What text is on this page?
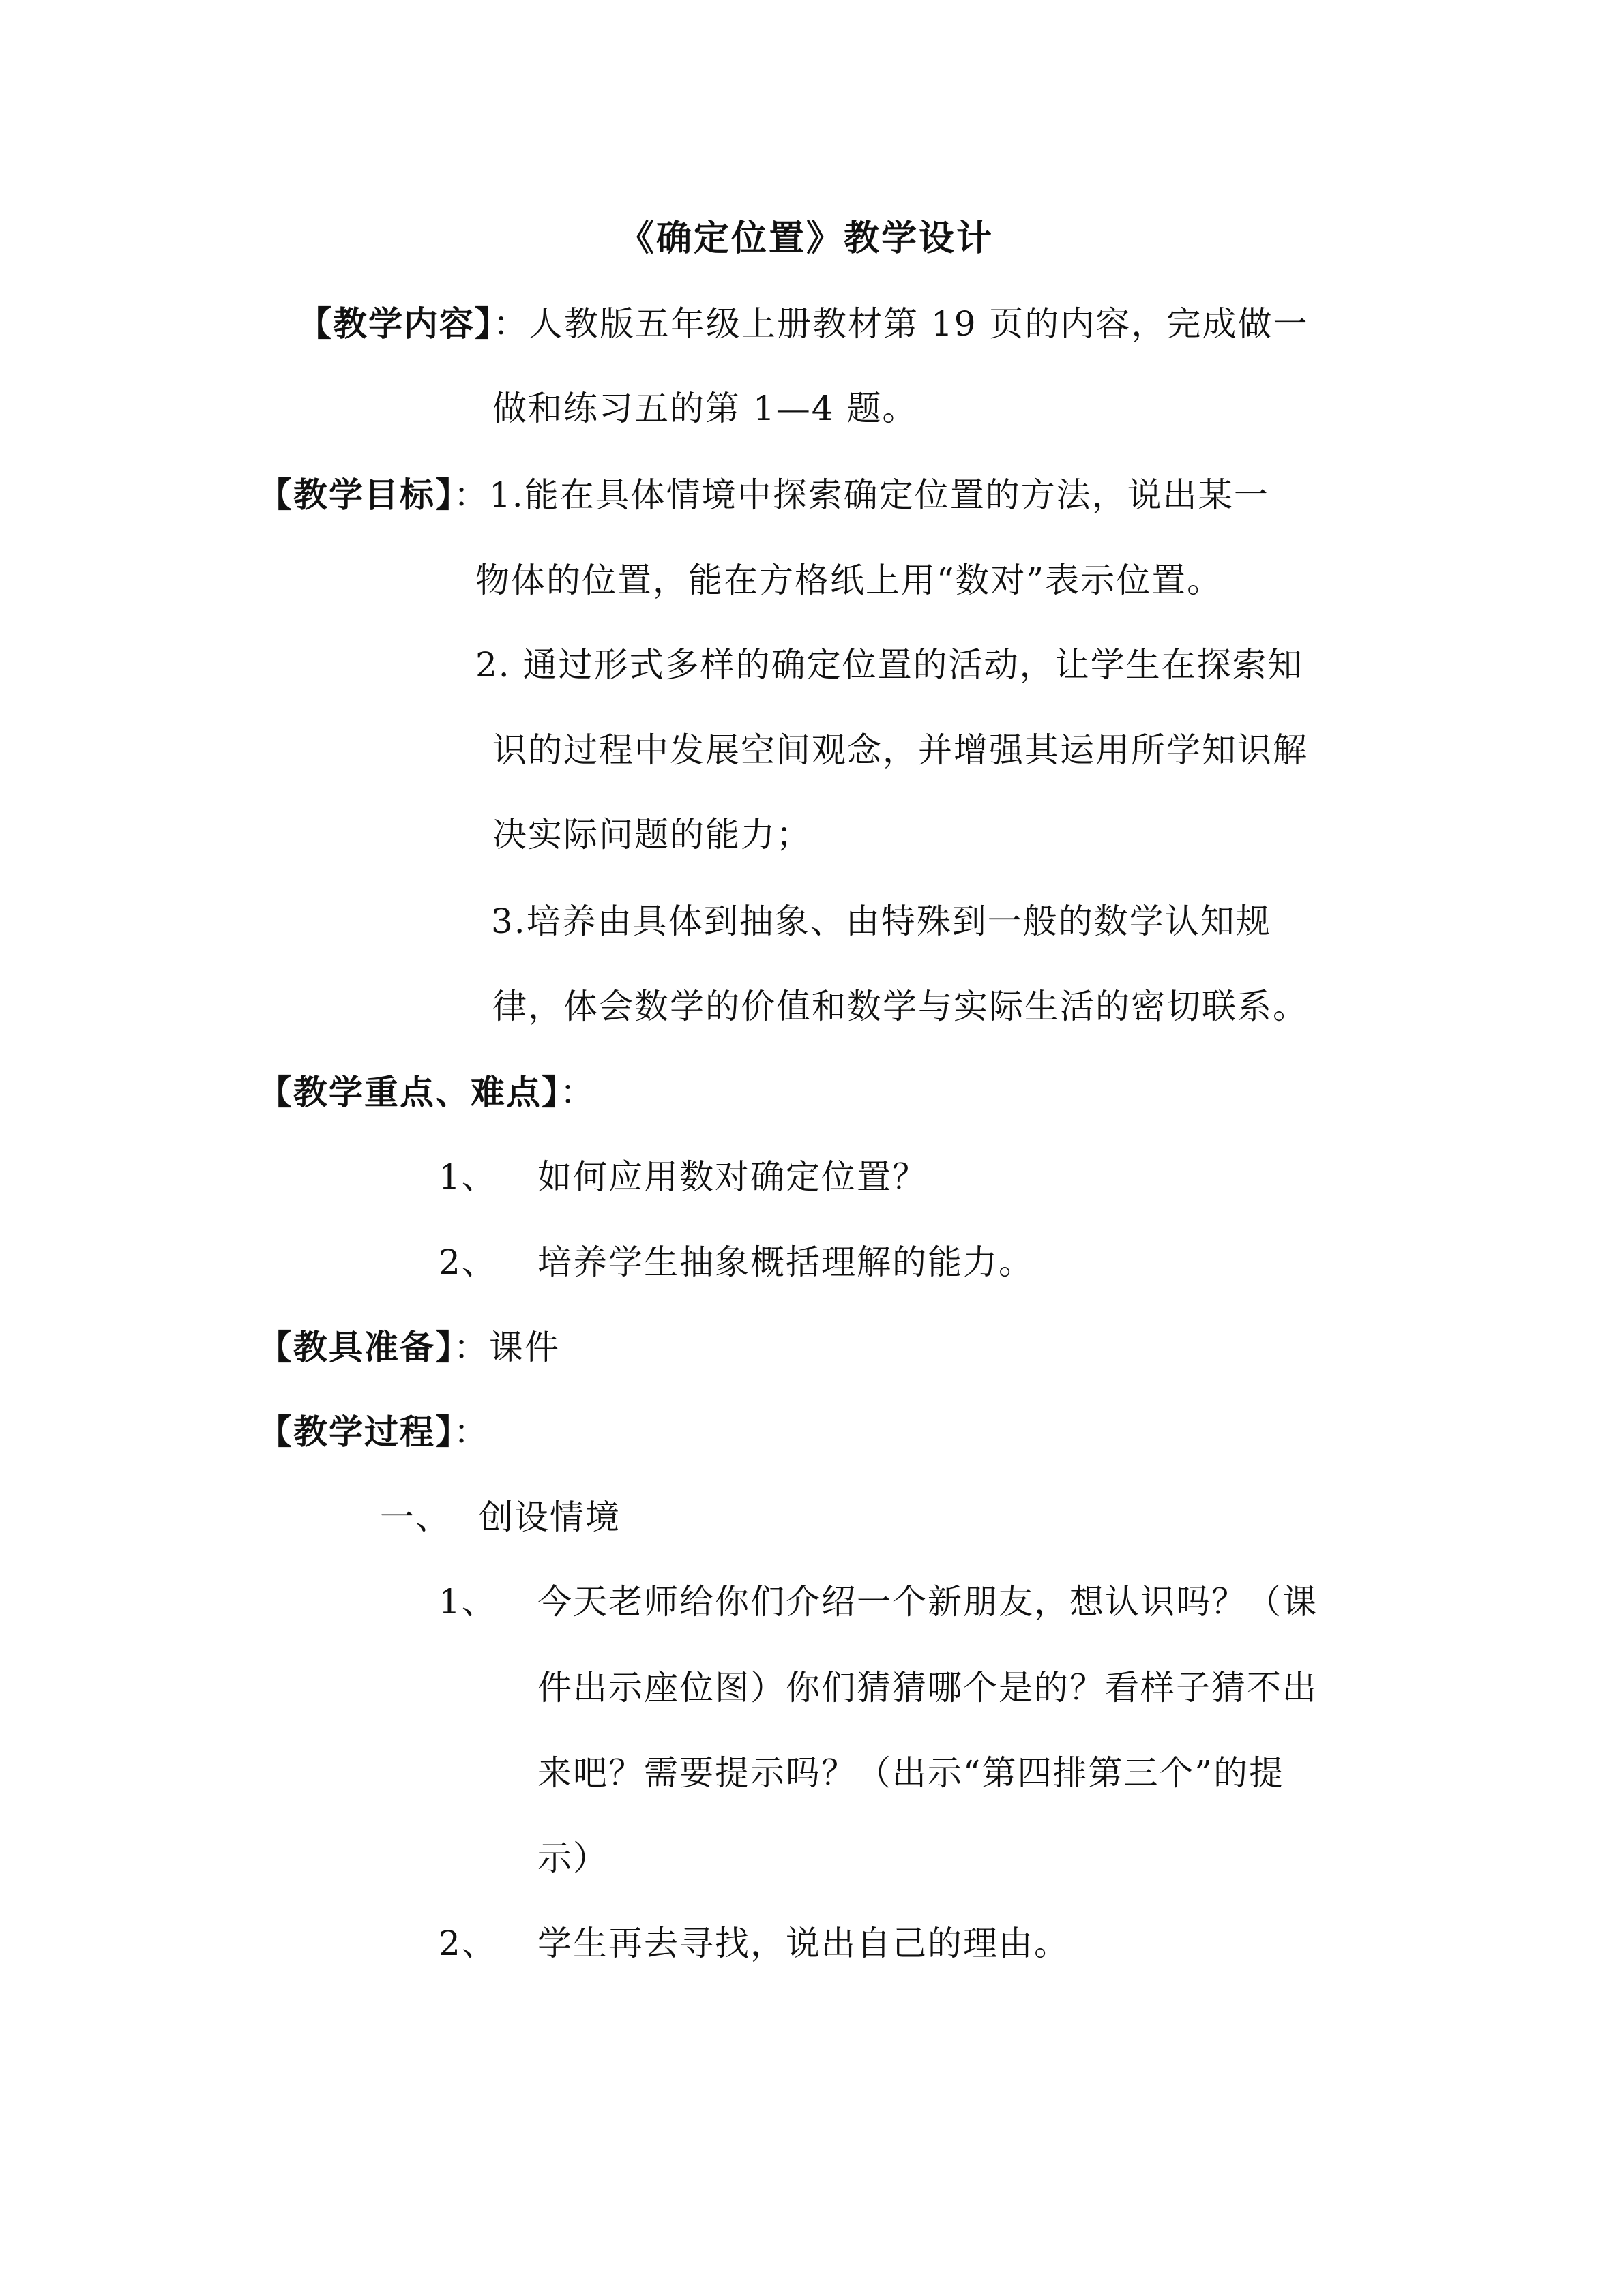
《确定位置》教学设计
【教学内容】：人教版五年级上册教材第 19 页的内容，完成做一
做和练习五的第 1—4 题。
【教学目标】：1.能在具体情境中探索确定位置的方法，说出某一
物体的位置，能在方格纸上用“数对”表示位置。
2. 通过形式多样的确定位置的活动，让学生在探索知
识的过程中发展空间观念，并增强其运用所学知识解
决实际问题的能力；
3.培养由具体到抽象、由特殊到一般的数学认知规
律，体会数学的价值和数学与实际生活的密切联系。
【教学重点、难点】：
1、 如何应用数对确定位置？
2、 培养学生抽象概括理解的能力。
【教具准备】：课件
【教学过程】：
一、 创设情境
1、 今天老师给你们介绍一个新朋友，想认识吗？（课
件出示座位图）你们猜猜哪个是的？看样子猜不出
来吧？需要提示吗？（出示“第四排第三个”的提
示）
2、 学生再去寻找，说出自己的理由。
